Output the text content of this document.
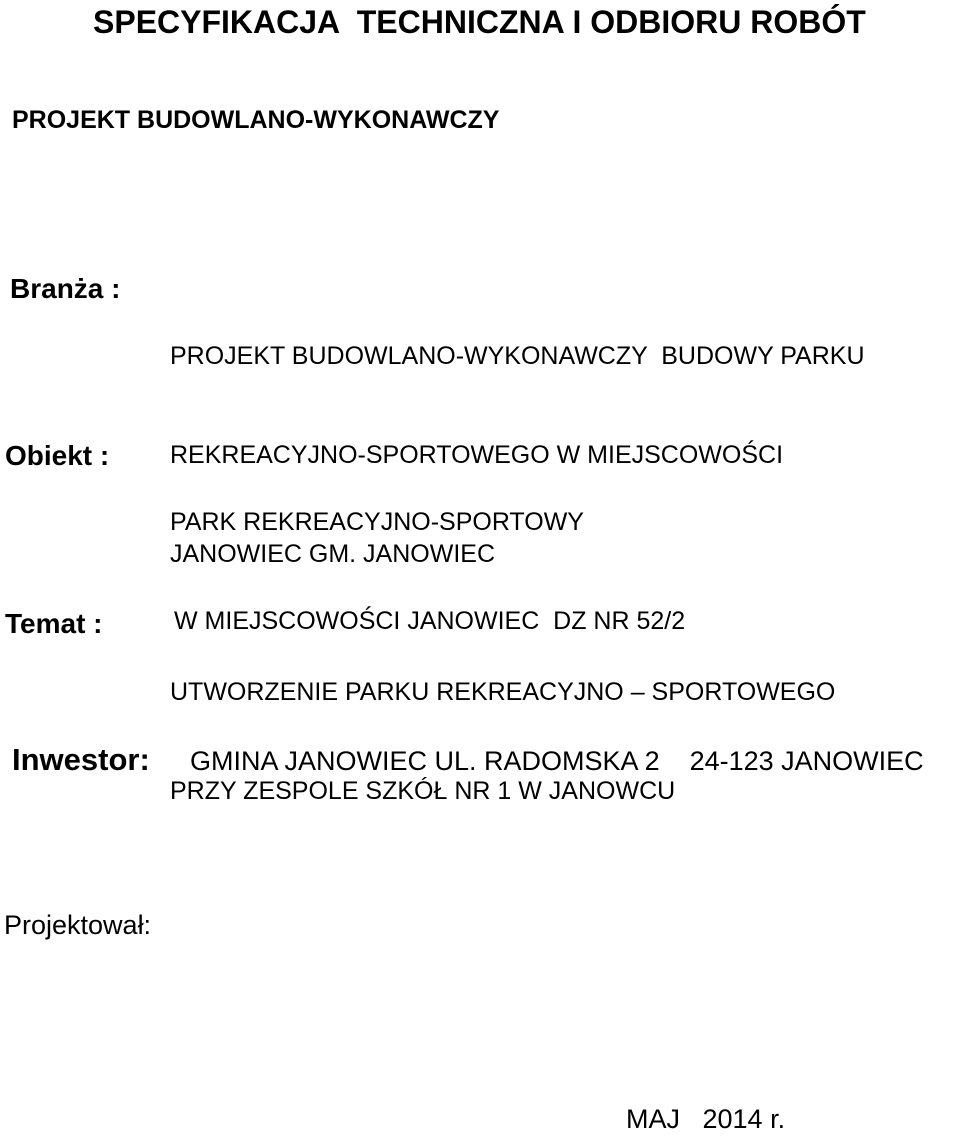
SPECYFIKACJA  TECHNICZNA I ODBIORU ROBÓT
PROJEKT BUDOWLANO-WYKONAWCZY
Branża :

PROJEKT BUDOWLANO-WYKONAWCZY  BUDOWY PARKU

REKREACYJNO-SPORTOWEGO W MIEJSCOWOŚCI

JANOWIEC GM. JANOWIEC

Obiekt :

PARK REKREACYJNO-SPORTOWY

W MIEJSCOWOŚCI JANOWIEC  DZ NR 52/2

Temat :

UTWORZENIE PARKU REKREACYJNO – SPORTOWEGO

PRZY ZESPOLE SZKÓŁ NR 1 W JANOWCU

Inwestor: GMINA JANOWIEC UL. RADOMSKA 2 24-123 JANOWIEC
Projektował:
MAJ   2014 r.
